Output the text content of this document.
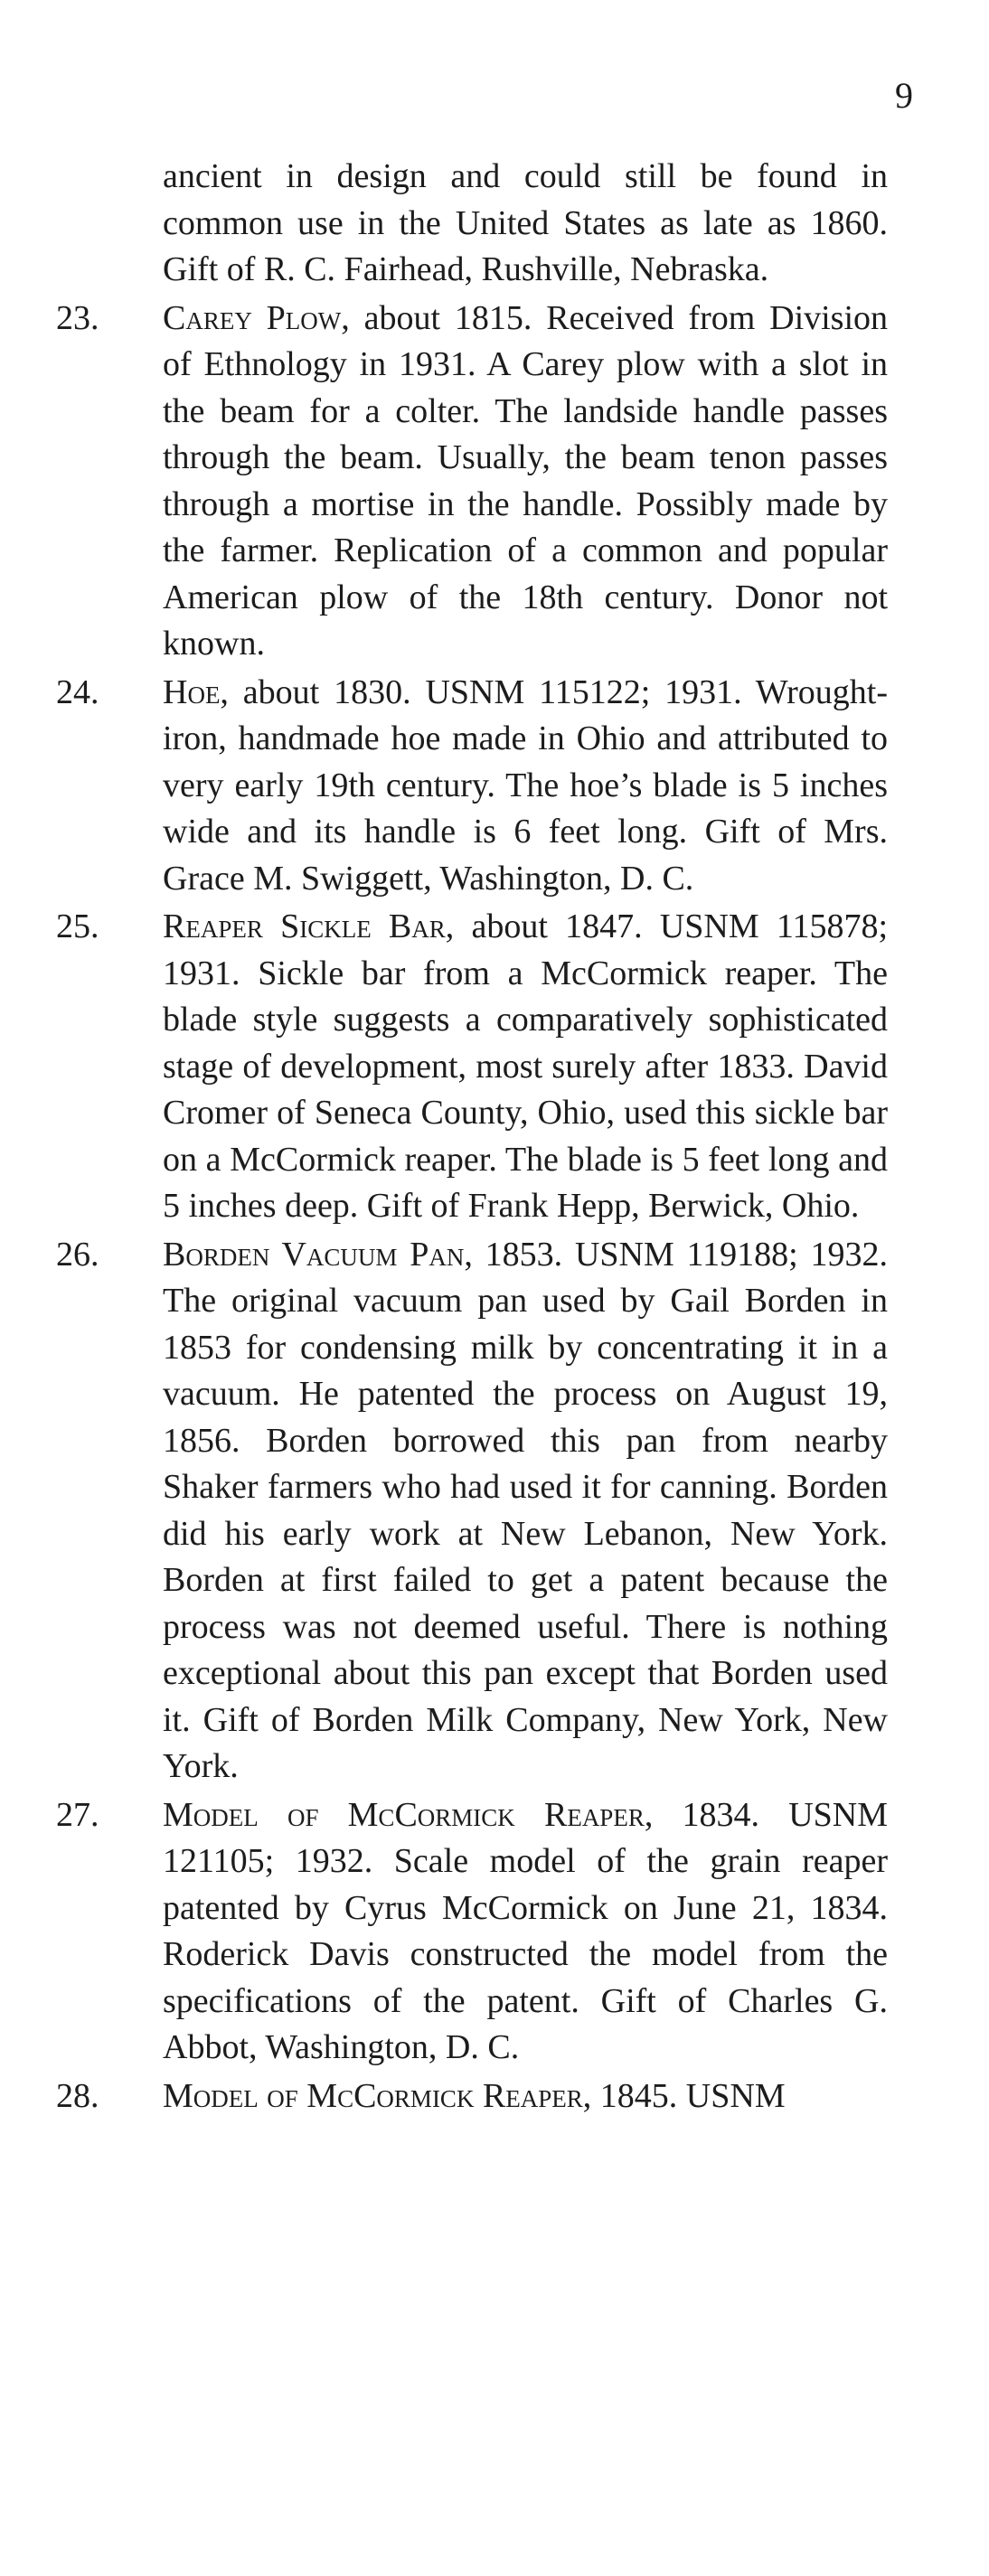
9

ancient in design and could still be found in common use in the United States as late as 1860. Gift of R. C. Fairhead, Rushville, Nebraska.

23.	Carey Plow, about 1815. Received from Division of Ethnology in 1931. A Carey plow with a slot in the beam for a colter. The landside handle passes through the beam. Usually, the beam tenon passes through a mortise in the handle. Possibly made by the farmer. Replication of a common and popular American plow of the 18th century. Donor not known.

24.	Hoe, about 1830. USNM 115122; 1931. Wrought-iron, handmade hoe made in Ohio and attributed to very early 19th century. The hoe’s blade is 5 inches wide and its handle is 6 feet long. Gift of Mrs. Grace M. Swiggett, Washington, D. C.

25.	Reaper Sickle Bar, about 1847. USNM 115878; 1931. Sickle bar from a McCormick reaper. The blade style suggests a comparatively sophisticated stage of development, most surely after 1833. David Cromer of Seneca County, Ohio, used this sickle bar on a McCormick reaper. The blade is 5 feet long and 5 inches deep. Gift of Frank Hepp, Berwick, Ohio.

26.	Borden Vacuum Pan, 1853. USNM 119188; 1932. The original vacuum pan used by Gail Borden in 1853 for condensing milk by concentrating it in a vacuum. He patented the process on August 19, 1856. Borden borrowed this pan from nearby Shaker farmers who had used it for canning. Borden did his early work at New Lebanon, New York. Borden at first failed to get a patent because the process was not deemed useful. There is nothing exceptional about this pan except that Borden used it. Gift of Borden Milk Company, New York, New York.

27.	Model of McCormick Reaper, 1834. USNM 121105; 1932. Scale model of the grain reaper patented by Cyrus McCormick on June 21, 1834. Roderick Davis constructed the model from the specifications of the patent. Gift of Charles G. Abbot, Washington, D. C.

28.	Model of McCormick Reaper, 1845. USNM
